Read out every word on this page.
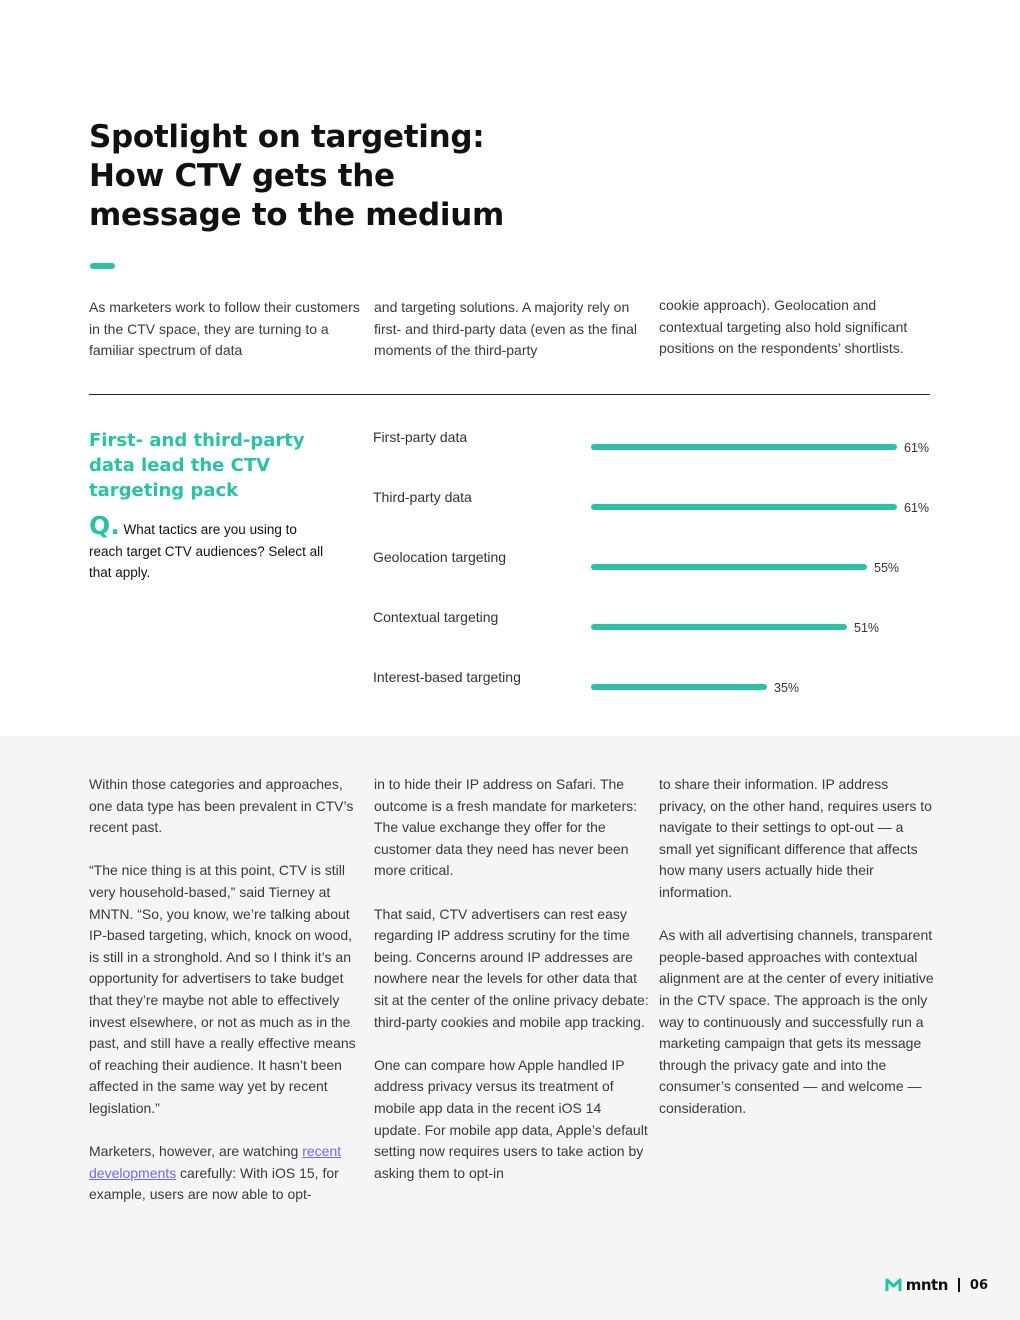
Spotlight on targeting:
How CTV gets the
message to the medium

As marketers work to follow their customers in the CTV space, they are turning to a familiar spectrum of data

and targeting solutions. A majority rely on first- and third-party data (even as the final moments of the third-party

cookie approach). Geolocation and contextual targeting also hold significant positions on the respondents’ shortlists.

First- and third-party data lead the CTV targeting pack

Q. What tactics are you using to reach target CTV audiences? Select all that apply.

First-party data
61%
Third-party data
61%
Geolocation targeting
55%
Contextual targeting
51%
Interest-based targeting
35%

Within those categories and approaches, one data type has been prevalent in CTV’s recent past.

“The nice thing is at this point, CTV is still very household-based,” said Tierney at MNTN. “So, you know, we’re talking about IP-based targeting, which, knock on wood, is still in a stronghold. And so I think it’s an opportunity for advertisers to take budget that they’re maybe not able to effectively invest elsewhere, or not as much as in the past, and still have a really effective means of reaching their audience. It hasn’t been affected in the same way yet by recent legislation.”

Marketers, however, are watching recent developments carefully: With iOS 15, for example, users are now able to opt-

in to hide their IP address on Safari. The outcome is a fresh mandate for marketers: The value exchange they offer for the customer data they need has never been more critical.

That said, CTV advertisers can rest easy regarding IP address scrutiny for the time being. Concerns around IP addresses are nowhere near the levels for other data that sit at the center of the online privacy debate: third-party cookies and mobile app tracking.

One can compare how Apple handled IP address privacy versus its treatment of mobile app data in the recent iOS 14 update. For mobile app data, Apple’s default setting now requires users to take action by asking them to opt-in

to share their information. IP address privacy, on the other hand, requires users to navigate to their settings to opt-out — a small yet significant difference that affects how many users actually hide their information.

As with all advertising channels, transparent people-based approaches with contextual alignment are at the center of every initiative in the CTV space. The approach is the only way to continuously and successfully run a marketing campaign that gets its message through the privacy gate and into the consumer’s consented — and welcome — consideration.

mntn 06
